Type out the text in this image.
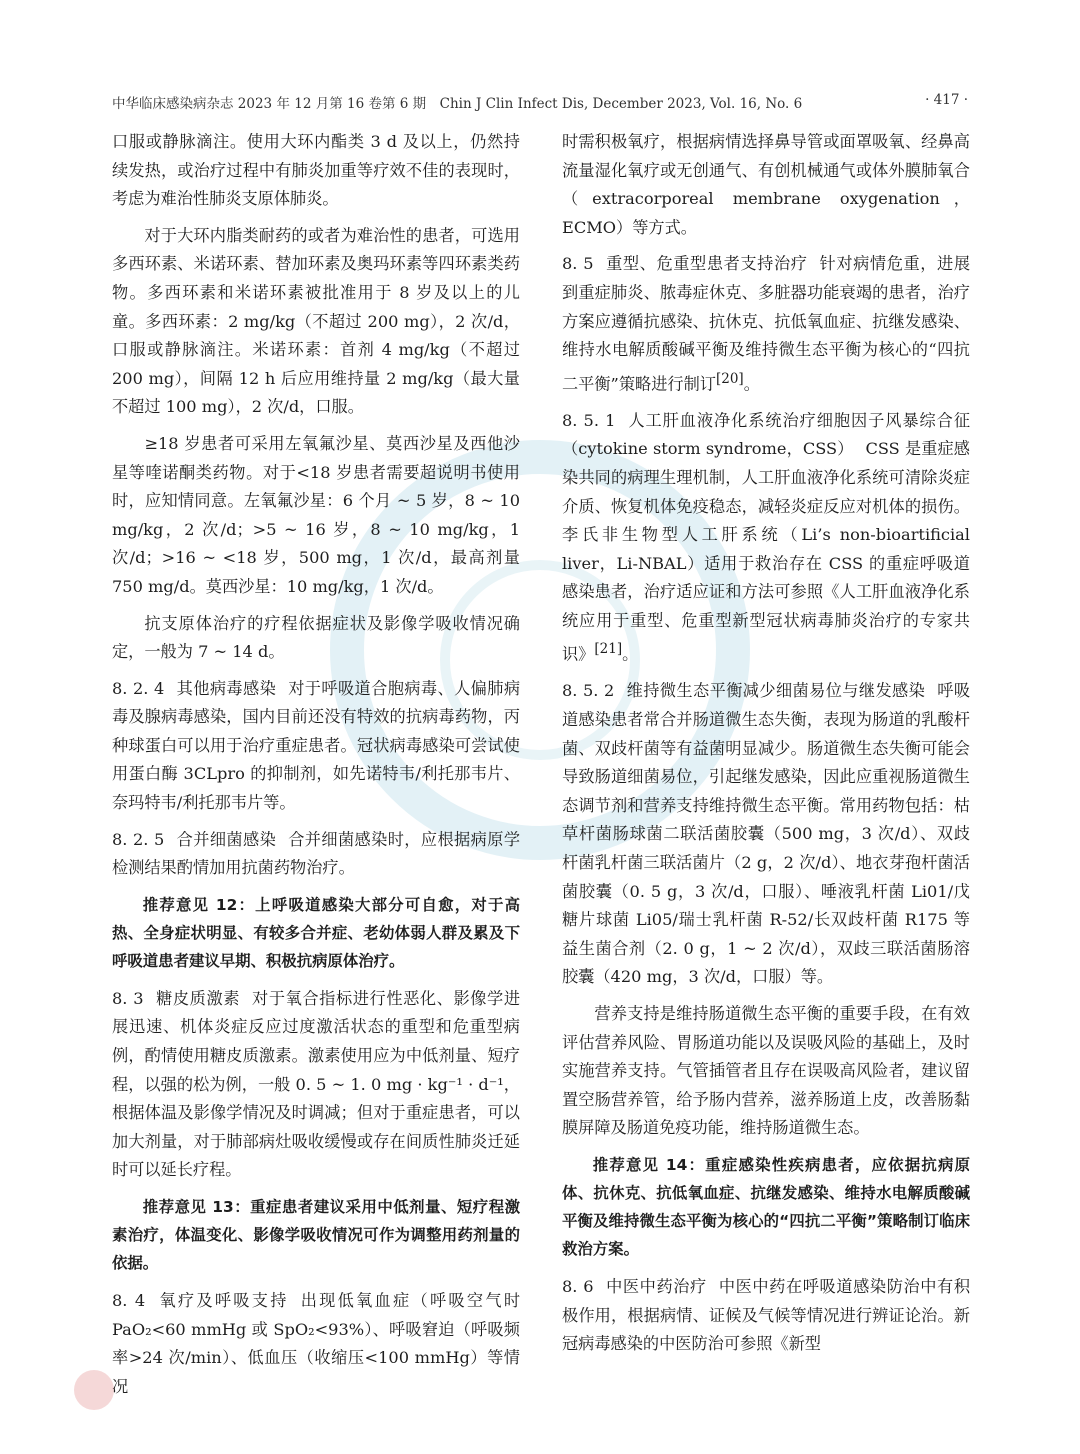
中华临床感染病杂志 2023 年 12 月第 16 卷第 6 期　Chin J Clin Infect Dis, December 2023, Vol. 16, No. 6	· 417 ·

口服或静脉滴注。使用大环内酯类 3 d 及以上，仍然持续发热，或治疗过程中有肺炎加重等疗效不佳的表现时，考虑为难治性肺炎支原体肺炎。

对于大环内脂类耐药的或者为难治性的患者，可选用多西环素、米诺环素、替加环素及奥玛环素等四环素类药物。多西环素和米诺环素被批准用于 8 岁及以上的儿童。多西环素：2 mg/kg（不超过 200 mg），2 次/d，口服或静脉滴注。米诺环素：首剂 4 mg/kg（不超过 200 mg），间隔 12 h 后应用维持量 2 mg/kg（最大量不超过 100 mg），2 次/d，口服。

≥18 岁患者可采用左氧氟沙星、莫西沙星及西他沙星等喹诺酮类药物。对于<18 岁患者需要超说明书使用时，应知情同意。左氧氟沙星：6 个月 ~ 5 岁，8 ~ 10 mg/kg，2 次/d；>5 ~ 16 岁，8 ~ 10 mg/kg，1 次/d；>16 ~ <18 岁，500 mg，1 次/d，最高剂量 750 mg/d。莫西沙星：10 mg/kg，1 次/d。

抗支原体治疗的疗程依据症状及影像学吸收情况确定，一般为 7 ~ 14 d。

8. 2. 4 其他病毒感染 对于呼吸道合胞病毒、人偏肺病毒及腺病毒感染，国内目前还没有特效的抗病毒药物，丙种球蛋白可以用于治疗重症患者。冠状病毒感染可尝试使用蛋白酶 3CLpro 的抑制剂，如先诺特韦/利托那韦片、奈玛特韦/利托那韦片等。

8. 2. 5 合并细菌感染 合并细菌感染时，应根据病原学检测结果酌情加用抗菌药物治疗。

推荐意见 12：上呼吸道感染大部分可自愈，对于高热、全身症状明显、有较多合并症、老幼体弱人群及累及下呼吸道患者建议早期、积极抗病原体治疗。

8. 3 糖皮质激素 对于氧合指标进行性恶化、影像学进展迅速、机体炎症反应过度激活状态的重型和危重型病例，酌情使用糖皮质激素。激素使用应为中低剂量、短疗程，以强的松为例，一般 0. 5 ~ 1. 0 mg · kg⁻¹ · d⁻¹，根据体温及影像学情况及时调减；但对于重症患者，可以加大剂量，对于肺部病灶吸收缓慢或存在间质性肺炎迁延时可以延长疗程。

推荐意见 13：重症患者建议采用中低剂量、短疗程激素治疗，体温变化、影像学吸收情况可作为调整用药剂量的依据。

8. 4 氧疗及呼吸支持 出现低氧血症（呼吸空气时 PaO₂<60 mmHg 或 SpO₂<93%）、呼吸窘迫（呼吸频率>24 次/min）、低血压（收缩压<100 mmHg）等情况

时需积极氧疗，根据病情选择鼻导管或面罩吸氧、经鼻高流量湿化氧疗或无创通气、有创机械通气或体外膜肺氧合（extracorporeal membrane oxygenation，ECMO）等方式。

8. 5 重型、危重型患者支持治疗 针对病情危重，进展到重症肺炎、脓毒症休克、多脏器功能衰竭的患者，治疗方案应遵循抗感染、抗休克、抗低氧血症、抗继发感染、维持水电解质酸碱平衡及维持微生态平衡为核心的“四抗二平衡”策略进行制订[20]。

8. 5. 1 人工肝血液净化系统治疗细胞因子风暴综合征（cytokine storm syndrome，CSS） CSS 是重症感染共同的病理生理机制，人工肝血液净化系统可清除炎症介质、恢复机体免疫稳态，减轻炎症反应对机体的损伤。李氏非生物型人工肝系统（Li’s non-bioartificial liver，Li-NBAL）适用于救治存在 CSS 的重症呼吸道感染患者，治疗适应证和方法可参照《人工肝血液净化系统应用于重型、危重型新型冠状病毒肺炎治疗的专家共识》[21]。

8. 5. 2 维持微生态平衡减少细菌易位与继发感染 呼吸道感染患者常合并肠道微生态失衡，表现为肠道的乳酸杆菌、双歧杆菌等有益菌明显减少。肠道微生态失衡可能会导致肠道细菌易位，引起继发感染，因此应重视肠道微生态调节剂和营养支持维持微生态平衡。常用药物包括：枯草杆菌肠球菌二联活菌胶囊（500 mg，3 次/d）、双歧杆菌乳杆菌三联活菌片（2 g，2 次/d）、地衣芽孢杆菌活菌胶囊（0. 5 g，3 次/d，口服）、唾液乳杆菌 Li01/戊糖片球菌 Li05/瑞士乳杆菌 R-52/长双歧杆菌 R175 等益生菌合剂（2. 0 g，1 ~ 2 次/d），双歧三联活菌肠溶胶囊（420 mg，3 次/d，口服）等。

营养支持是维持肠道微生态平衡的重要手段，在有效评估营养风险、胃肠道功能以及误吸风险的基础上，及时实施营养支持。气管插管者且存在误吸高风险者，建议留置空肠营养管，给予肠内营养，滋养肠道上皮，改善肠黏膜屏障及肠道免疫功能，维持肠道微生态。

推荐意见 14：重症感染性疾病患者，应依据抗病原体、抗休克、抗低氧血症、抗继发感染、维持水电解质酸碱平衡及维持微生态平衡为核心的“四抗二平衡”策略制订临床救治方案。

8. 6 中医中药治疗 中医中药在呼吸道感染防治中有积极作用，根据病情、证候及气候等情况进行辨证论治。新冠病毒感染的中医防治可参照《新型
